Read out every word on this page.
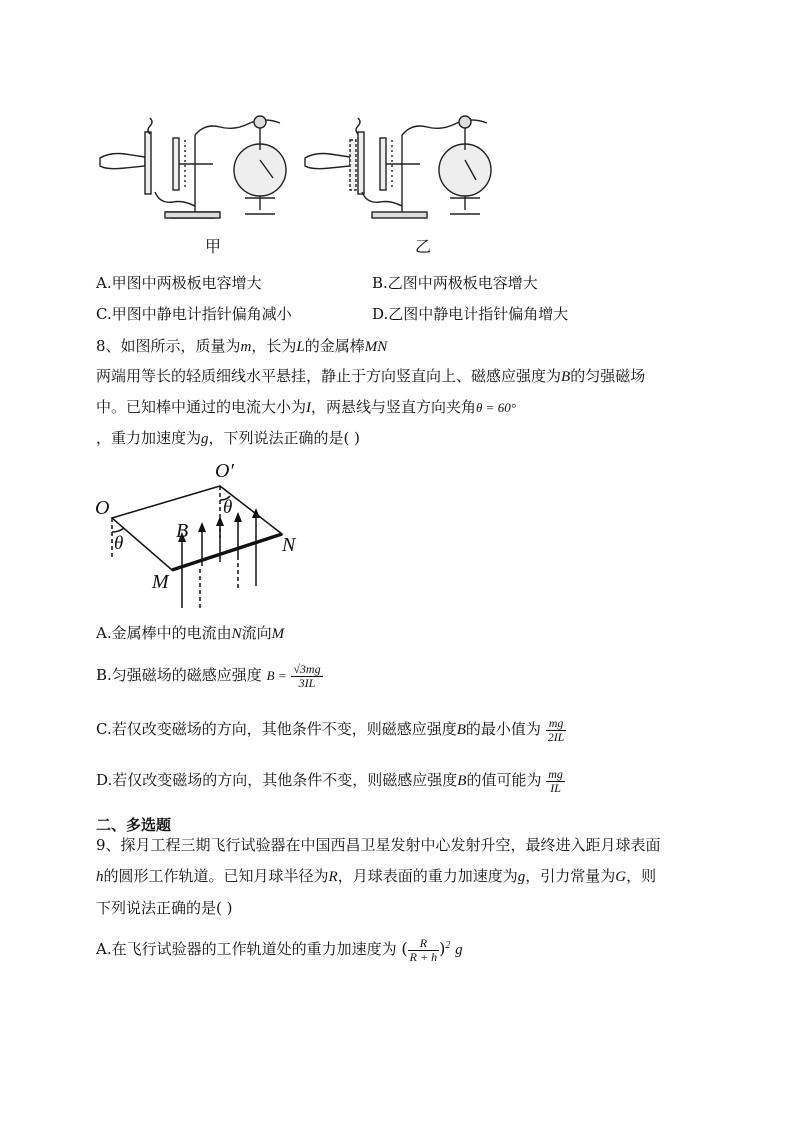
甲	乙
A.甲图中两极板电容增大	B.乙图中两极板电容增大
C.甲图中静电计指针偏角减小	D.乙图中静电计指针偏角增大
8、如图所示，质量为m，长为L的金属棒MN
两端用等长的轻质细线水平悬挂，静止于方向竖直向上、磁感应强度为B的匀强磁场
中。已知棒中通过的电流大小为I，两悬线与竖直方向夹角θ = 60°
，重力加速度为g，下列说法正确的是( )
O
O′
θ
θ
B
N
M
A.金属棒中的电流由N流向M
B.匀强磁场的磁感应强度 $B = \frac{√3mg}{3IL}$
C.若仅改变磁场的方向，其他条件不变，则磁感应强度B的最小值为 $\frac{mg}{2IL}$
D.若仅改变磁场的方向，其他条件不变，则磁感应强度B的值可能为 $\frac{mg}{IL}$
二、多选题
9、探月工程三期飞行试验器在中国西昌卫星发射中心发射升空，最终进入距月球表面
h的圆形工作轨道。已知月球半径为R，月球表面的重力加速度为g，引力常量为G，则
下列说法正确的是( )
A.在飞行试验器的工作轨道处的重力加速度为 ( $\frac{R}{R + h} )^2$ g
